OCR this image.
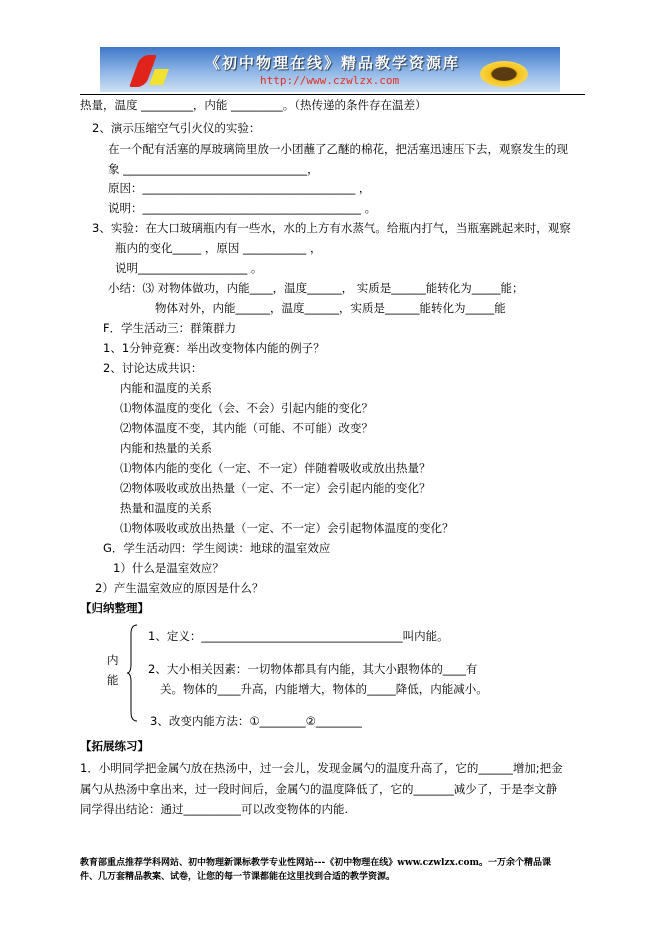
《初中物理在线》精品教学资源库
http://www.czwlzx.com
热量，温度 _________，内能 _________。（热传递的条件存在温差）
2、演示压缩空气引火仪的实验：
在一个配有活塞的厚玻璃筒里放一小团蘸了乙醚的棉花，把活塞迅速压下去，观察发生的现
象 ________________________________，
原因：_____________________________________ ，
说明：______________________________________ 。
3、实验：在大口玻璃瓶内有一些水，水的上方有水蒸气。给瓶内打气，当瓶塞跳起来时，观察
瓶内的变化_____ ，原因 ___________ ，
说明___________________ 。
小结：⑶ 对物体做功，内能____，温度______， 实质是______能转化为_____能；
物体对外，内能______，温度______，实质是______能转化为_____能
F．学生活动三：群策群力
1、1分钟竞赛：举出改变物体内能的例子？
2、讨论达成共识：
内能和温度的关系
⑴物体温度的变化（会、不会）引起内能的变化？
⑵物体温度不变，其内能（可能、不可能）改变？
内能和热量的关系
⑴物体内能的变化（一定、不一定）伴随着吸收或放出热量？
⑵物体吸收或放出热量（一定、不一定）会引起内能的变化？
热量和温度的关系
⑴物体吸收或放出热量（一定、不一定）会引起物体温度的变化？
G．学生活动四：学生阅读：地球的温室效应
1）什么是温室效应？
2）产生温室效应的原因是什么？
【归纳整理】
1、定义：___________________________________叫内能。
2、大小相关因素：一切物体都具有内能，其大小跟物体的____有
关。物体的____升高，内能增大，物体的_____降低，内能减小。
3、改变内能方法：①________②________
【拓展练习】
1．小明同学把金属勺放在热汤中，过一会儿，发现金属勺的温度升高了，它的______增加;把金
属勺从热汤中拿出来，过一段时间后，金属勺的温度降低了，它的_______减少了，于是李文静
同学得出结论：通过__________可以改变物体的内能.
内
能
教育部重点推荐学科网站、初中物理新课标教学专业性网站---《初中物理在线》www.czwlzx.com。一万余个精品课
件、几万套精品教案、试卷，让您的每一节课都能在这里找到合适的教学资源。
